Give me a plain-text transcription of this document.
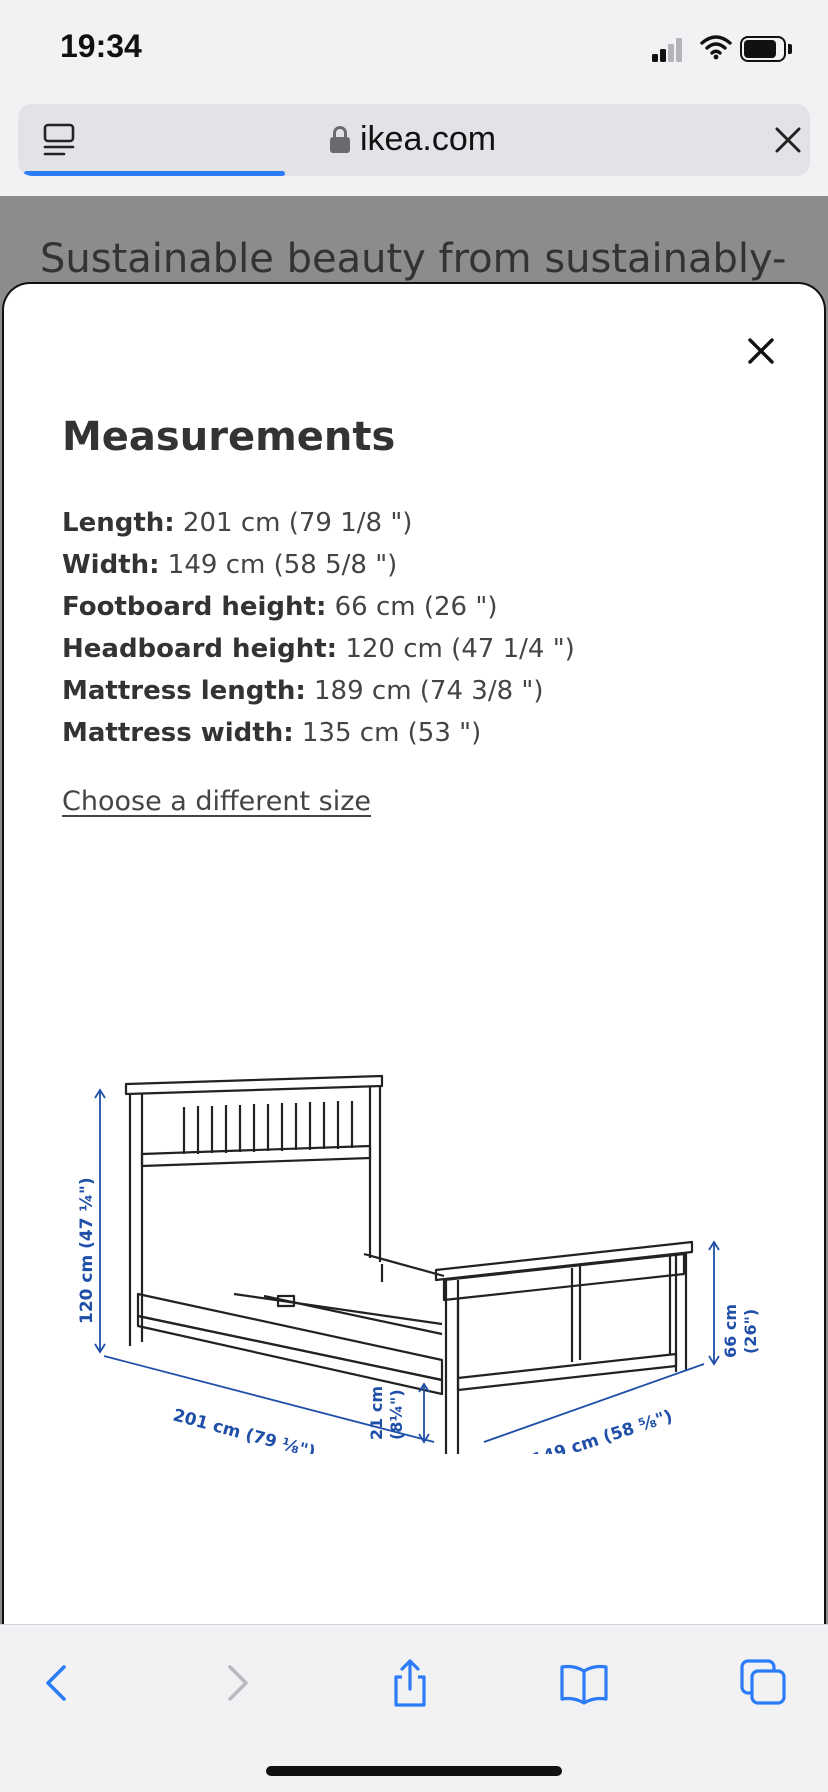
19:34
ikea.com
Sustainable beauty from sustainably-
Measurements
Length: 201 cm (79 1/8 ")
Width: 149 cm (58 5/8 ")
Footboard height: 66 cm (26 ")
Headboard height: 120 cm (47 1/4 ")
Mattress length: 189 cm (74 3/8 ")
Mattress width: 135 cm (53 ")
Choose a different size
120 cm (47 ¼")
201 cm (79 ⅛")	21 cm (8¼")	149 cm (58 ⅝")
66 cm (26")
